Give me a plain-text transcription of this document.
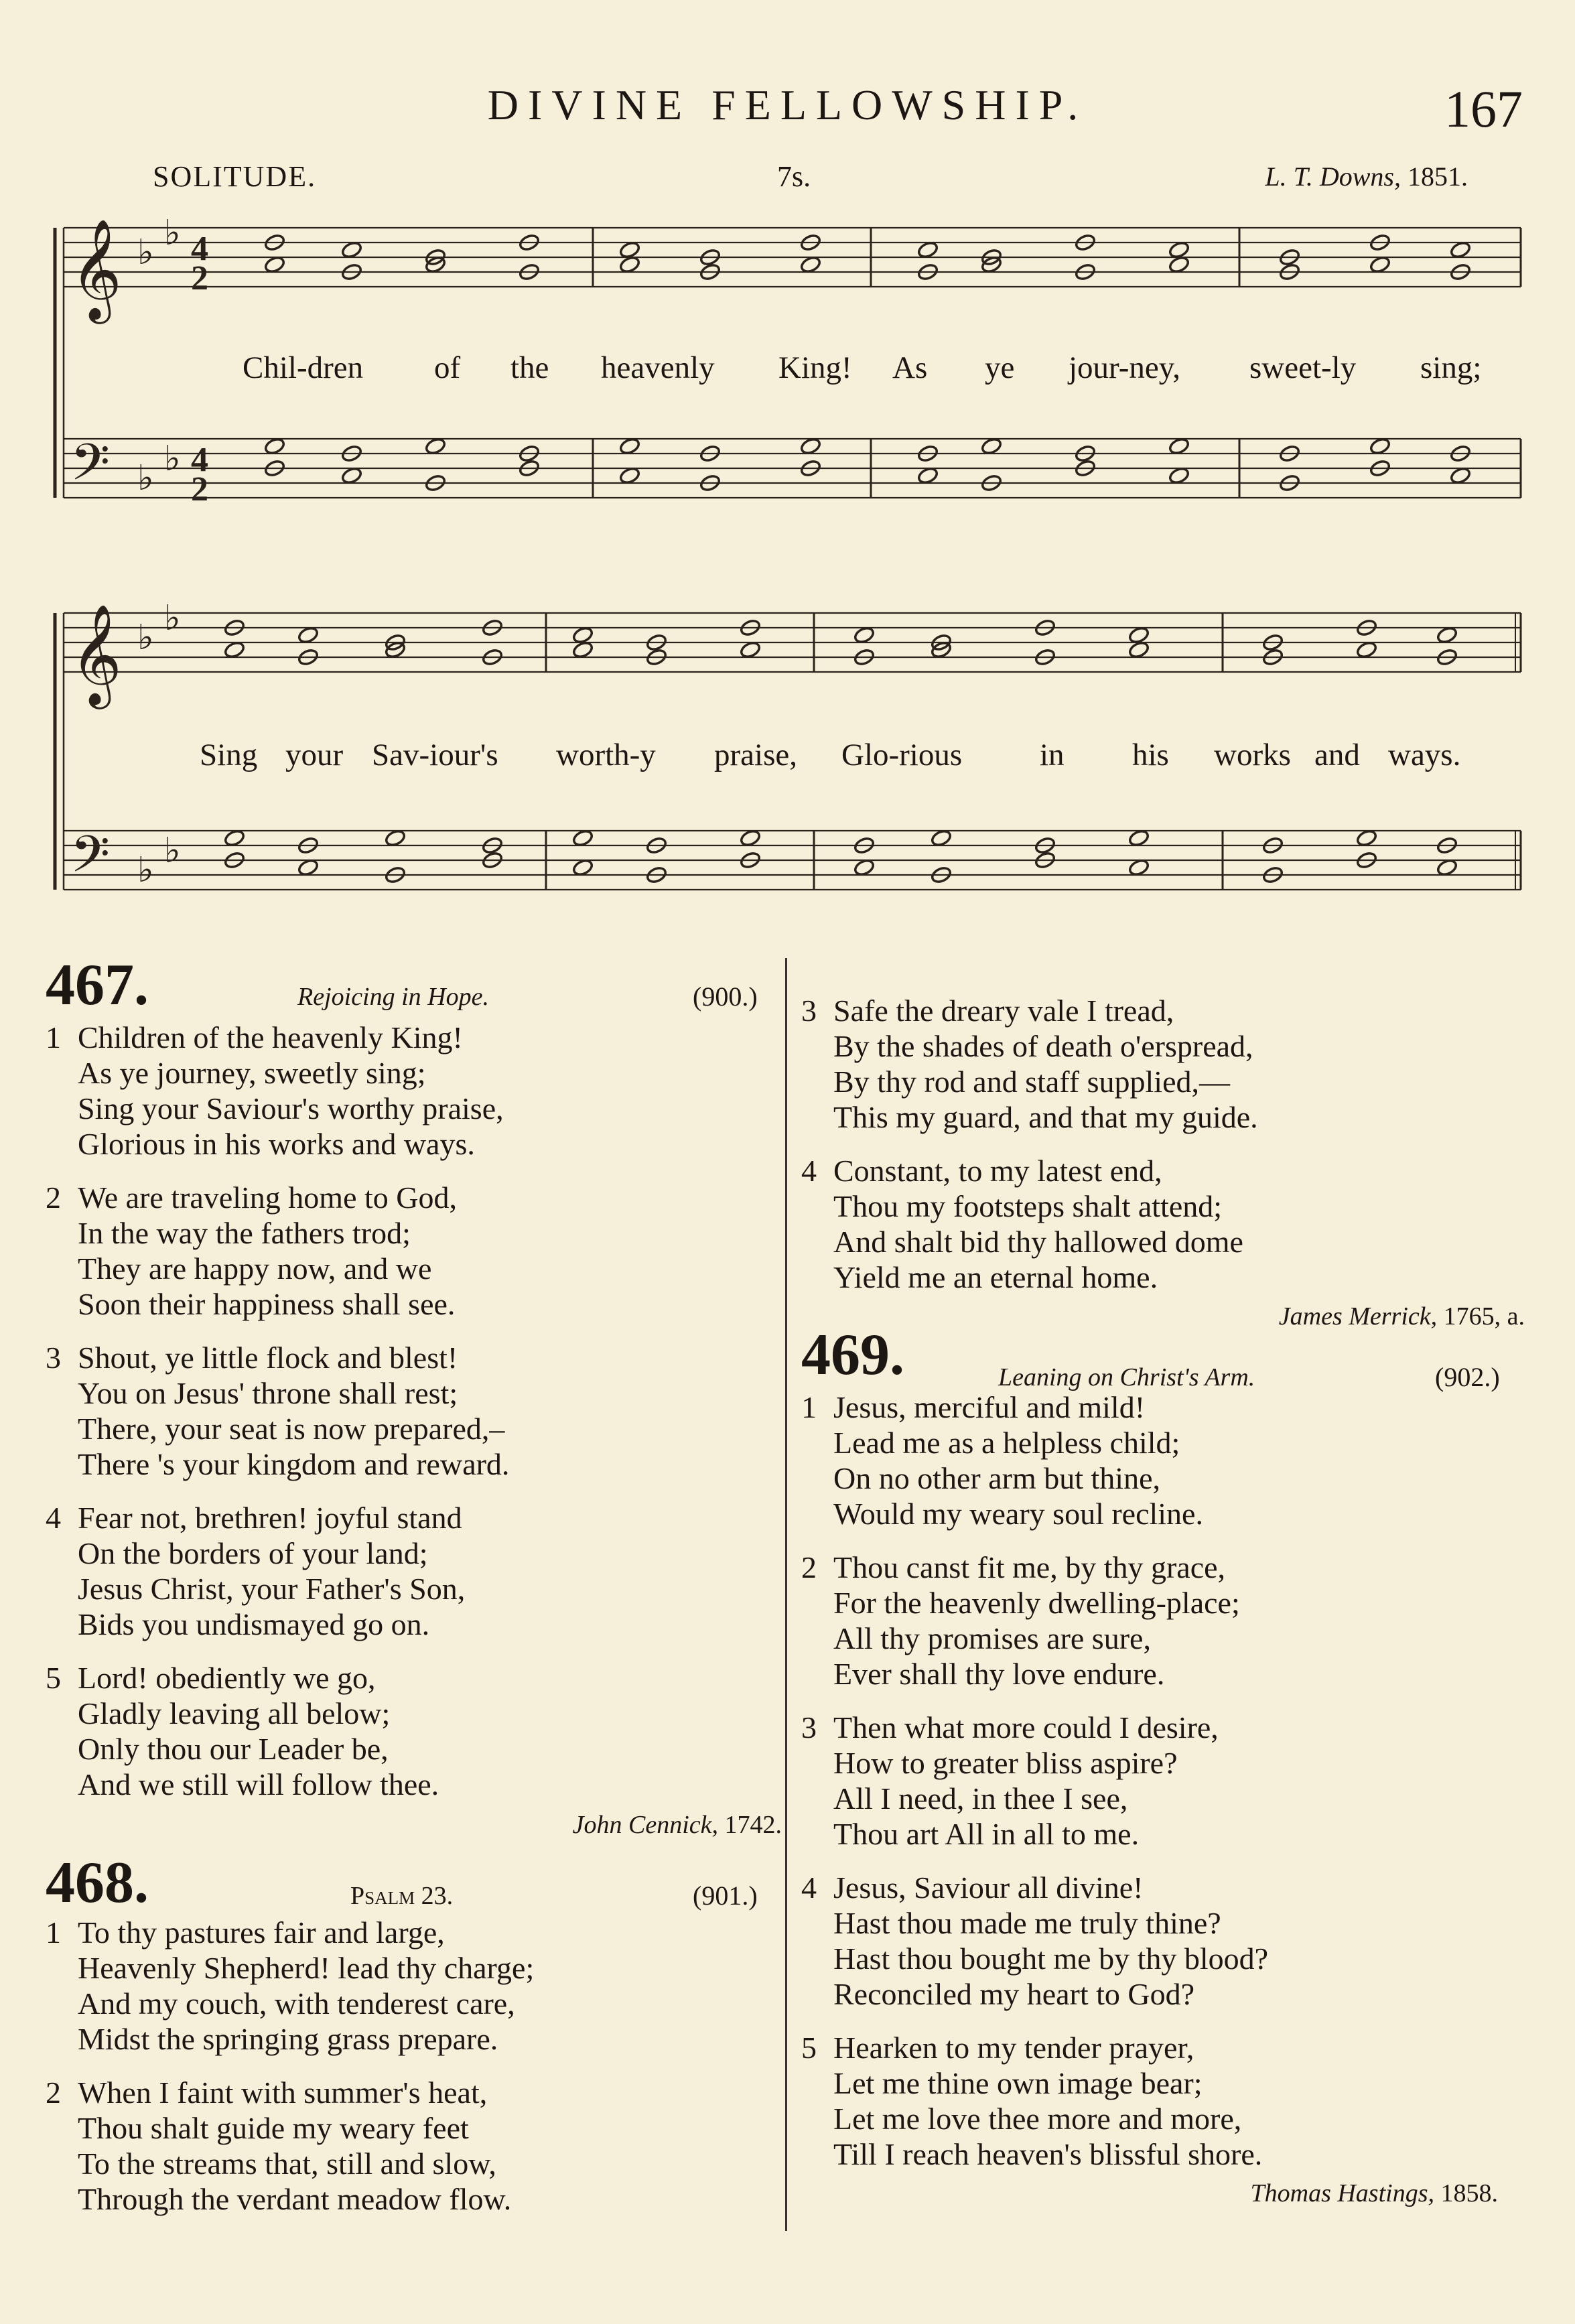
DIVINE FELLOWSHIP.	167
SOLITUDE.	7s.	L. T. Downs, 1851.
𝄞 ♭
♭ 4
2
𝄢 ♭
♭ 4
2
𝄞 ♭
♭
𝄢 ♭
♭
Chil-dren of the heavenly King! As ye jour-ney, sweet-ly sing;
Sing your Sav-iour's worth-y praise, Glo-rious in his works and ways.
467.	Rejoicing in Hope.	(900.)
1 Children of the heavenly King!
As ye journey, sweetly sing;
Sing your Saviour's worthy praise,
Glorious in his works and ways.
2 We are traveling home to God,
In the way the fathers trod;
They are happy now, and we
Soon their happiness shall see.
3 Shout, ye little flock and blest!
You on Jesus' throne shall rest;
There, your seat is now prepared,–
There 's your kingdom and reward.
4 Fear not, brethren! joyful stand
On the borders of your land;
Jesus Christ, your Father's Son,
Bids you undismayed go on.
5 Lord! obediently we go,
Gladly leaving all below;
Only thou our Leader be,
And we still will follow thee.
John Cennick, 1742.
468.	Psalm 23.	(901.)
1 To thy pastures fair and large,
Heavenly Shepherd! lead thy charge;
And my couch, with tenderest care,
Midst the springing grass prepare.
2 When I faint with summer's heat,
Thou shalt guide my weary feet
To the streams that, still and slow,
Through the verdant meadow flow.
3 Safe the dreary vale I tread,
By the shades of death o'erspread,
By thy rod and staff supplied,—
This my guard, and that my guide.
4 Constant, to my latest end,
Thou my footsteps shalt attend;
And shalt bid thy hallowed dome
Yield me an eternal home.
James Merrick, 1765, a.
469.	Leaning on Christ's Arm.	(902.)
1 Jesus, merciful and mild!
Lead me as a helpless child;
On no other arm but thine,
Would my weary soul recline.
2 Thou canst fit me, by thy grace,
For the heavenly dwelling-place;
All thy promises are sure,
Ever shall thy love endure.
3 Then what more could I desire,
How to greater bliss aspire?
All I need, in thee I see,
Thou art All in all to me.
4 Jesus, Saviour all divine!
Hast thou made me truly thine?
Hast thou bought me by thy blood?
Reconciled my heart to God?
5 Hearken to my tender prayer,
Let me thine own image bear;
Let me love thee more and more,
Till I reach heaven's blissful shore.
Thomas Hastings, 1858.
